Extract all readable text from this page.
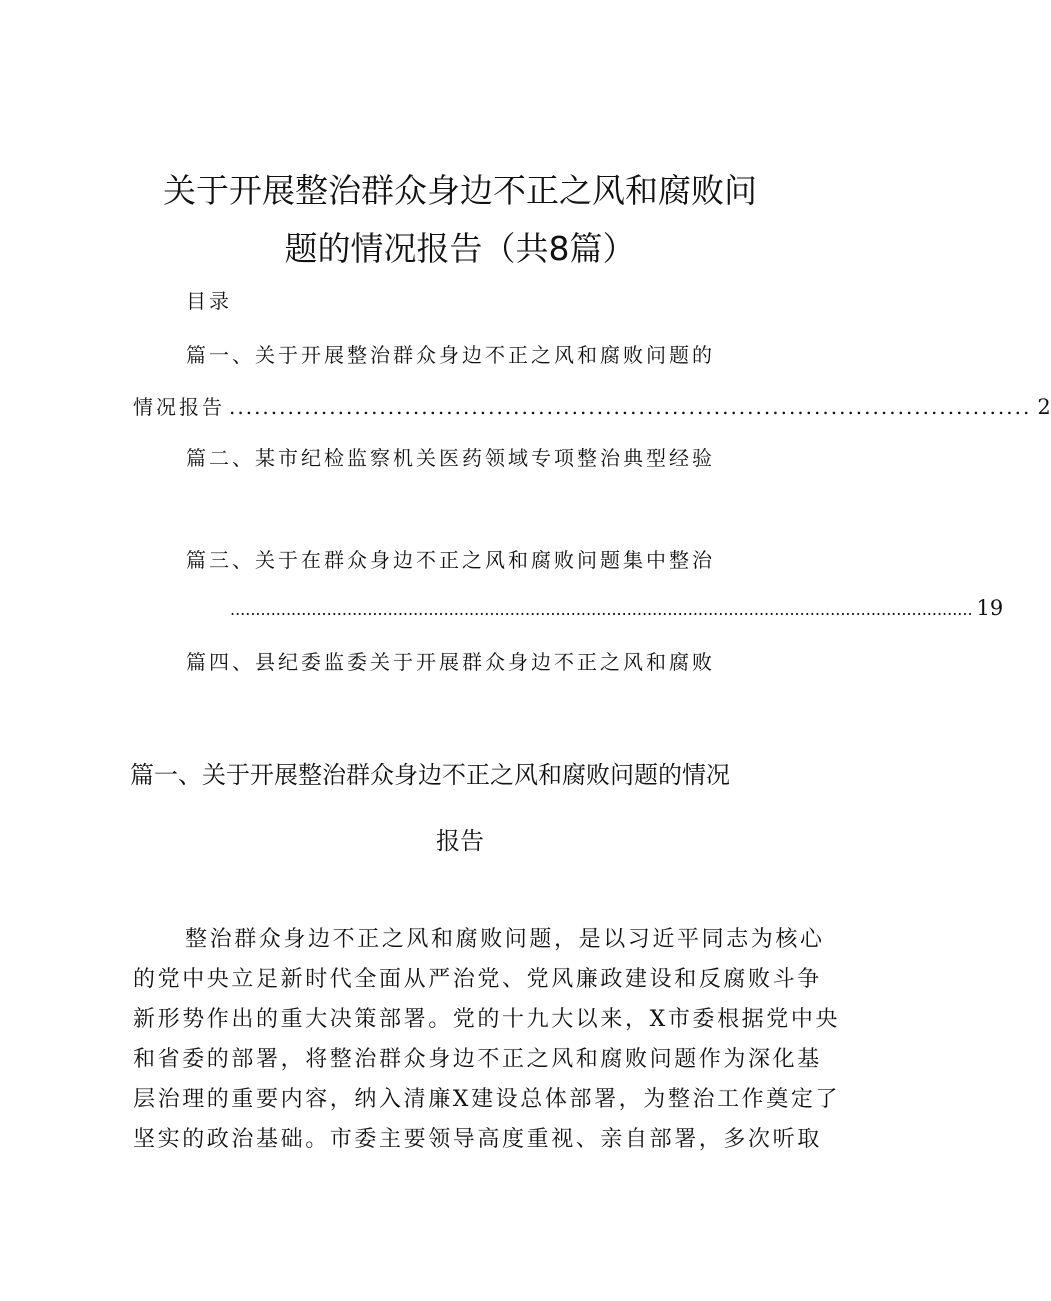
关于开展整治群众身边不正之风和腐败问
题的情况报告（共8篇）
目录
篇一、关于开展整治群众身边不正之风和腐败问题的
情况报告 ................................................................................................ 2
篇二、某市纪检监察机关医药领域专项整治典型经验
篇三、关于在群众身边不正之风和腐败问题集中整治
.................................................................................................................................................. 19
篇四、县纪委监委关于开展群众身边不正之风和腐败
篇一、关于开展整治群众身边不正之风和腐败问题的情况
报告
整治群众身边不正之风和腐败问题，是以习近平同志为核心
的党中央立足新时代全面从严治党、党风廉政建设和反腐败斗争
新形势作出的重大决策部署。党的十九大以来，X市委根据党中央
和省委的部署，将整治群众身边不正之风和腐败问题作为深化基
层治理的重要内容，纳入清廉X建设总体部署，为整治工作奠定了
坚实的政治基础。市委主要领导高度重视、亲自部署，多次听取
